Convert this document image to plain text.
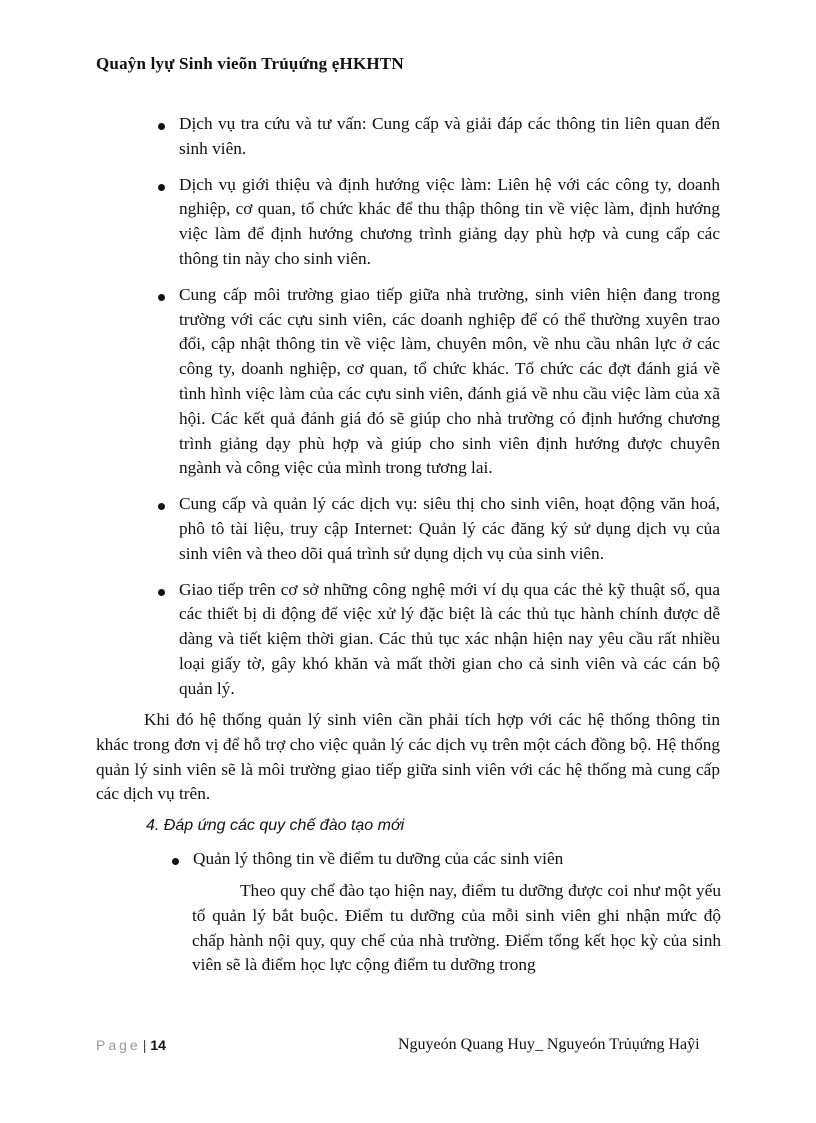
Quaŷn lyự Sinh vieõn Trủụứng ẹHKHTN
Dịch vụ tra cứu và tư vấn: Cung cấp và giải đáp các thông tin liên quan đến sinh viên.
Dịch vụ giới thiệu và định hướng việc làm: Liên hệ với các công ty, doanh nghiệp, cơ quan, tổ chức khác để thu thập thông tin về việc làm, định hướng việc làm để định hướng chương trình giảng dạy phù hợp và cung cấp các thông tin này cho sinh viên.
Cung cấp môi trường giao tiếp giữa nhà trường, sinh viên hiện đang trong trường với các cựu sinh viên, các doanh nghiệp để có thể thường xuyên trao đổi, cập nhật thông tin về việc làm, chuyên môn, về nhu cầu nhân lực ở các công ty, doanh nghiệp, cơ quan, tổ chức khác. Tổ chức các đợt đánh giá về tình hình việc làm của các cựu sinh viên, đánh giá về nhu cầu việc làm của xã hội. Các kết quả đánh giá đó sẽ giúp cho nhà trường có định hướng chương trình giảng dạy phù hợp và giúp cho sinh viên định hướng được chuyên ngành và công việc của mình trong tương lai.
Cung cấp và quản lý các dịch vụ: siêu thị cho sinh viên, hoạt động văn hoá, phô tô tài liệu, truy cập Internet: Quản lý các đăng ký sử dụng dịch vụ của sinh viên và theo dõi quá trình sử dụng dịch vụ của sinh viên.
Giao tiếp trên cơ sở những công nghệ mới ví dụ qua các thẻ kỹ thuật số, qua các thiết bị di động để việc xử lý đặc biệt là các thủ tục hành chính được dễ dàng và tiết kiệm thời gian. Các thủ tục xác nhận hiện nay yêu cầu rất nhiều loại giấy tờ, gây khó khăn và mất thời gian cho cả sinh viên và các cán bộ quản lý.

Khi đó hệ thống quản lý sinh viên cần phải tích hợp với các hệ thống thông tin khác trong đơn vị để hỗ trợ cho việc quản lý các dịch vụ trên một cách đồng bộ. Hệ thống quản lý sinh viên sẽ là môi trường giao tiếp giữa sinh viên với các hệ thống mà cung cấp các dịch vụ trên.

4. Đáp ứng các quy chế đào tạo mới

Quản lý thông tin về điểm tu dưỡng của các sinh viên

Theo quy chế đào tạo hiện nay, điểm tu dưỡng được coi như một yếu tố quản lý bắt buộc. Điểm tu dưỡng của mỗi sinh viên ghi nhận mức độ chấp hành nội quy, quy chế của nhà trường. Điểm tổng kết học kỳ của sinh viên sẽ là điểm học lực cộng điểm tu dưỡng trong

Page | 14	Nguyeón Quang Huy_ Nguyeón Trủụứng Haŷi
